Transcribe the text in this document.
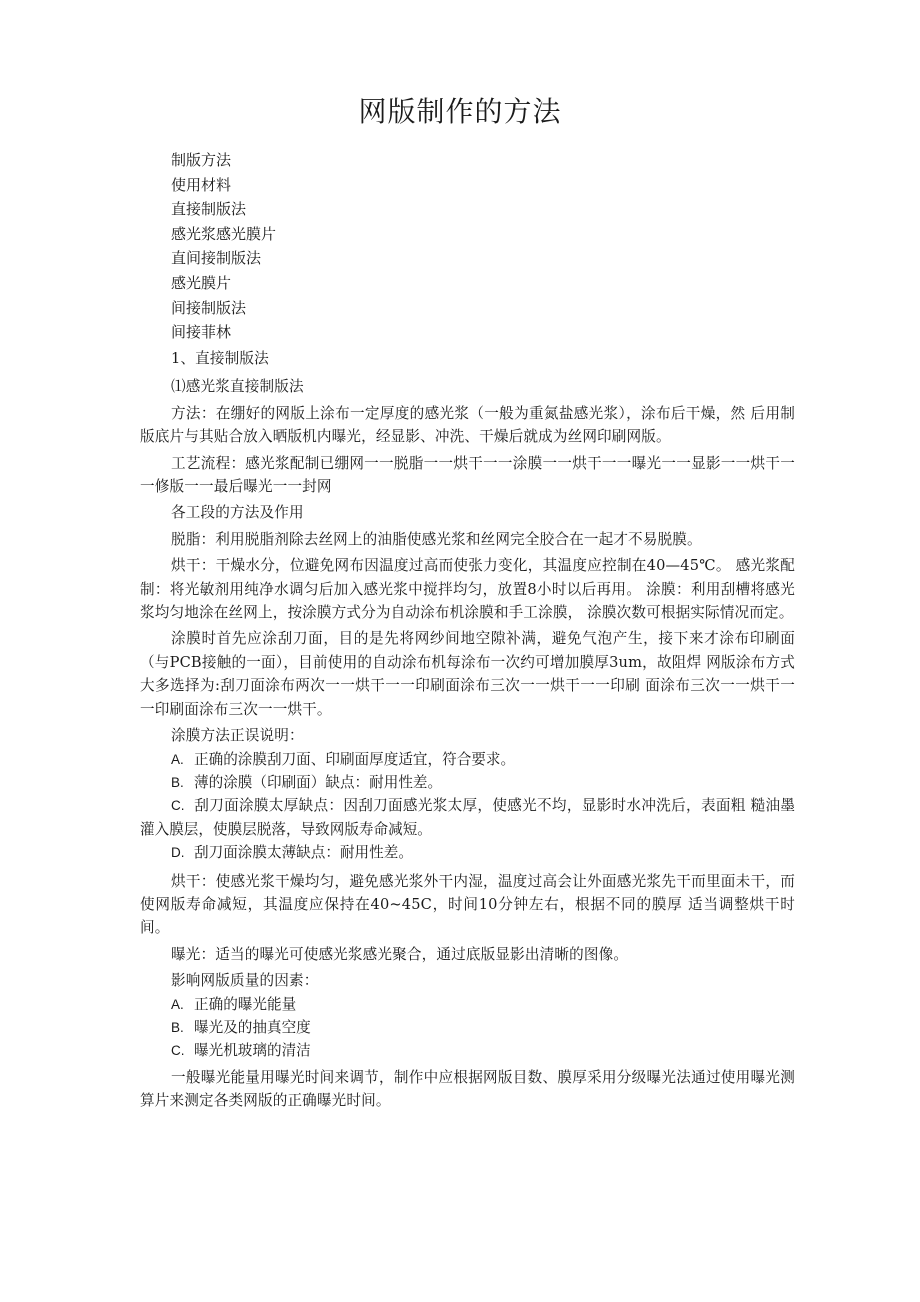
网版制作的方法
制版方法
使用材料
直接制版法
感光浆感光膜片
直间接制版法
感光膜片
间接制版法
间接菲林

1、直接制版法

⑴感光浆直接制版法

方法：在绷好的网版上涂布一定厚度的感光浆（一般为重氮盐感光浆），涂布后干燥，然 后用制版底片与其贴合放入晒版机内曝光，经显影、冲洗、干燥后就成为丝网印刷网版。

工艺流程：感光浆配制已绷网一一脱脂一一烘干一一涂膜一一烘干一一曝光一一显影一一烘干一一修版一一最后曝光一一封网

各工段的方法及作用

脱脂：利用脱脂剂除去丝网上的油脂使感光浆和丝网完全胶合在一起才不易脱膜。

烘干：干燥水分，位避免网布因温度过高而使张力变化，其温度应控制在40—45℃。 感光浆配制：将光敏剂用纯净水调匀后加入感光浆中搅拌均匀，放置8小时以后再用。 涂膜：利用刮槽将感光浆均匀地涂在丝网上，按涂膜方式分为自动涂布机涂膜和手工涂膜， 涂膜次数可根据实际情况而定。

涂膜时首先应涂刮刀面，目的是先将网纱间地空隙补满，避免气泡产生，接下来才涂布印刷面（与PCB接触的一面），目前使用的自动涂布机每涂布一次约可增加膜厚3um，故阻焊 网版涂布方式大多选择为:刮刀面涂布两次一一烘干一一印刷面涂布三次一一烘干一一印刷 面涂布三次一一烘干一一印刷面涂布三次一一烘干。

涂膜方法正误说明：

A. 正确的涂膜刮刀面、印刷面厚度适宜，符合要求。

B. 薄的涂膜（印刷面）缺点：耐用性差。

C. 刮刀面涂膜太厚缺点：因刮刀面感光浆太厚，使感光不均，显影时水冲洗后，表面粗 糙油墨灌入膜层，使膜层脱落，导致网版寿命减短。

D. 刮刀面涂膜太薄缺点：耐用性差。

烘干：使感光浆干燥均匀，避免感光浆外干内湿，温度过高会让外面感光浆先干而里面未干，而使网版寿命减短，其温度应保持在40~45C，时间10分钟左右，根据不同的膜厚 适当调整烘干时间。

曝光：适当的曝光可使感光浆感光聚合，通过底版显影出清晰的图像。

影响网版质量的因素：

A. 正确的曝光能量

B. 曝光及的抽真空度

C. 曝光机玻璃的清洁

一般曝光能量用曝光时间来调节，制作中应根据网版目数、膜厚采用分级曝光法通过使用曝光测算片来测定各类网版的正确曝光时间。
